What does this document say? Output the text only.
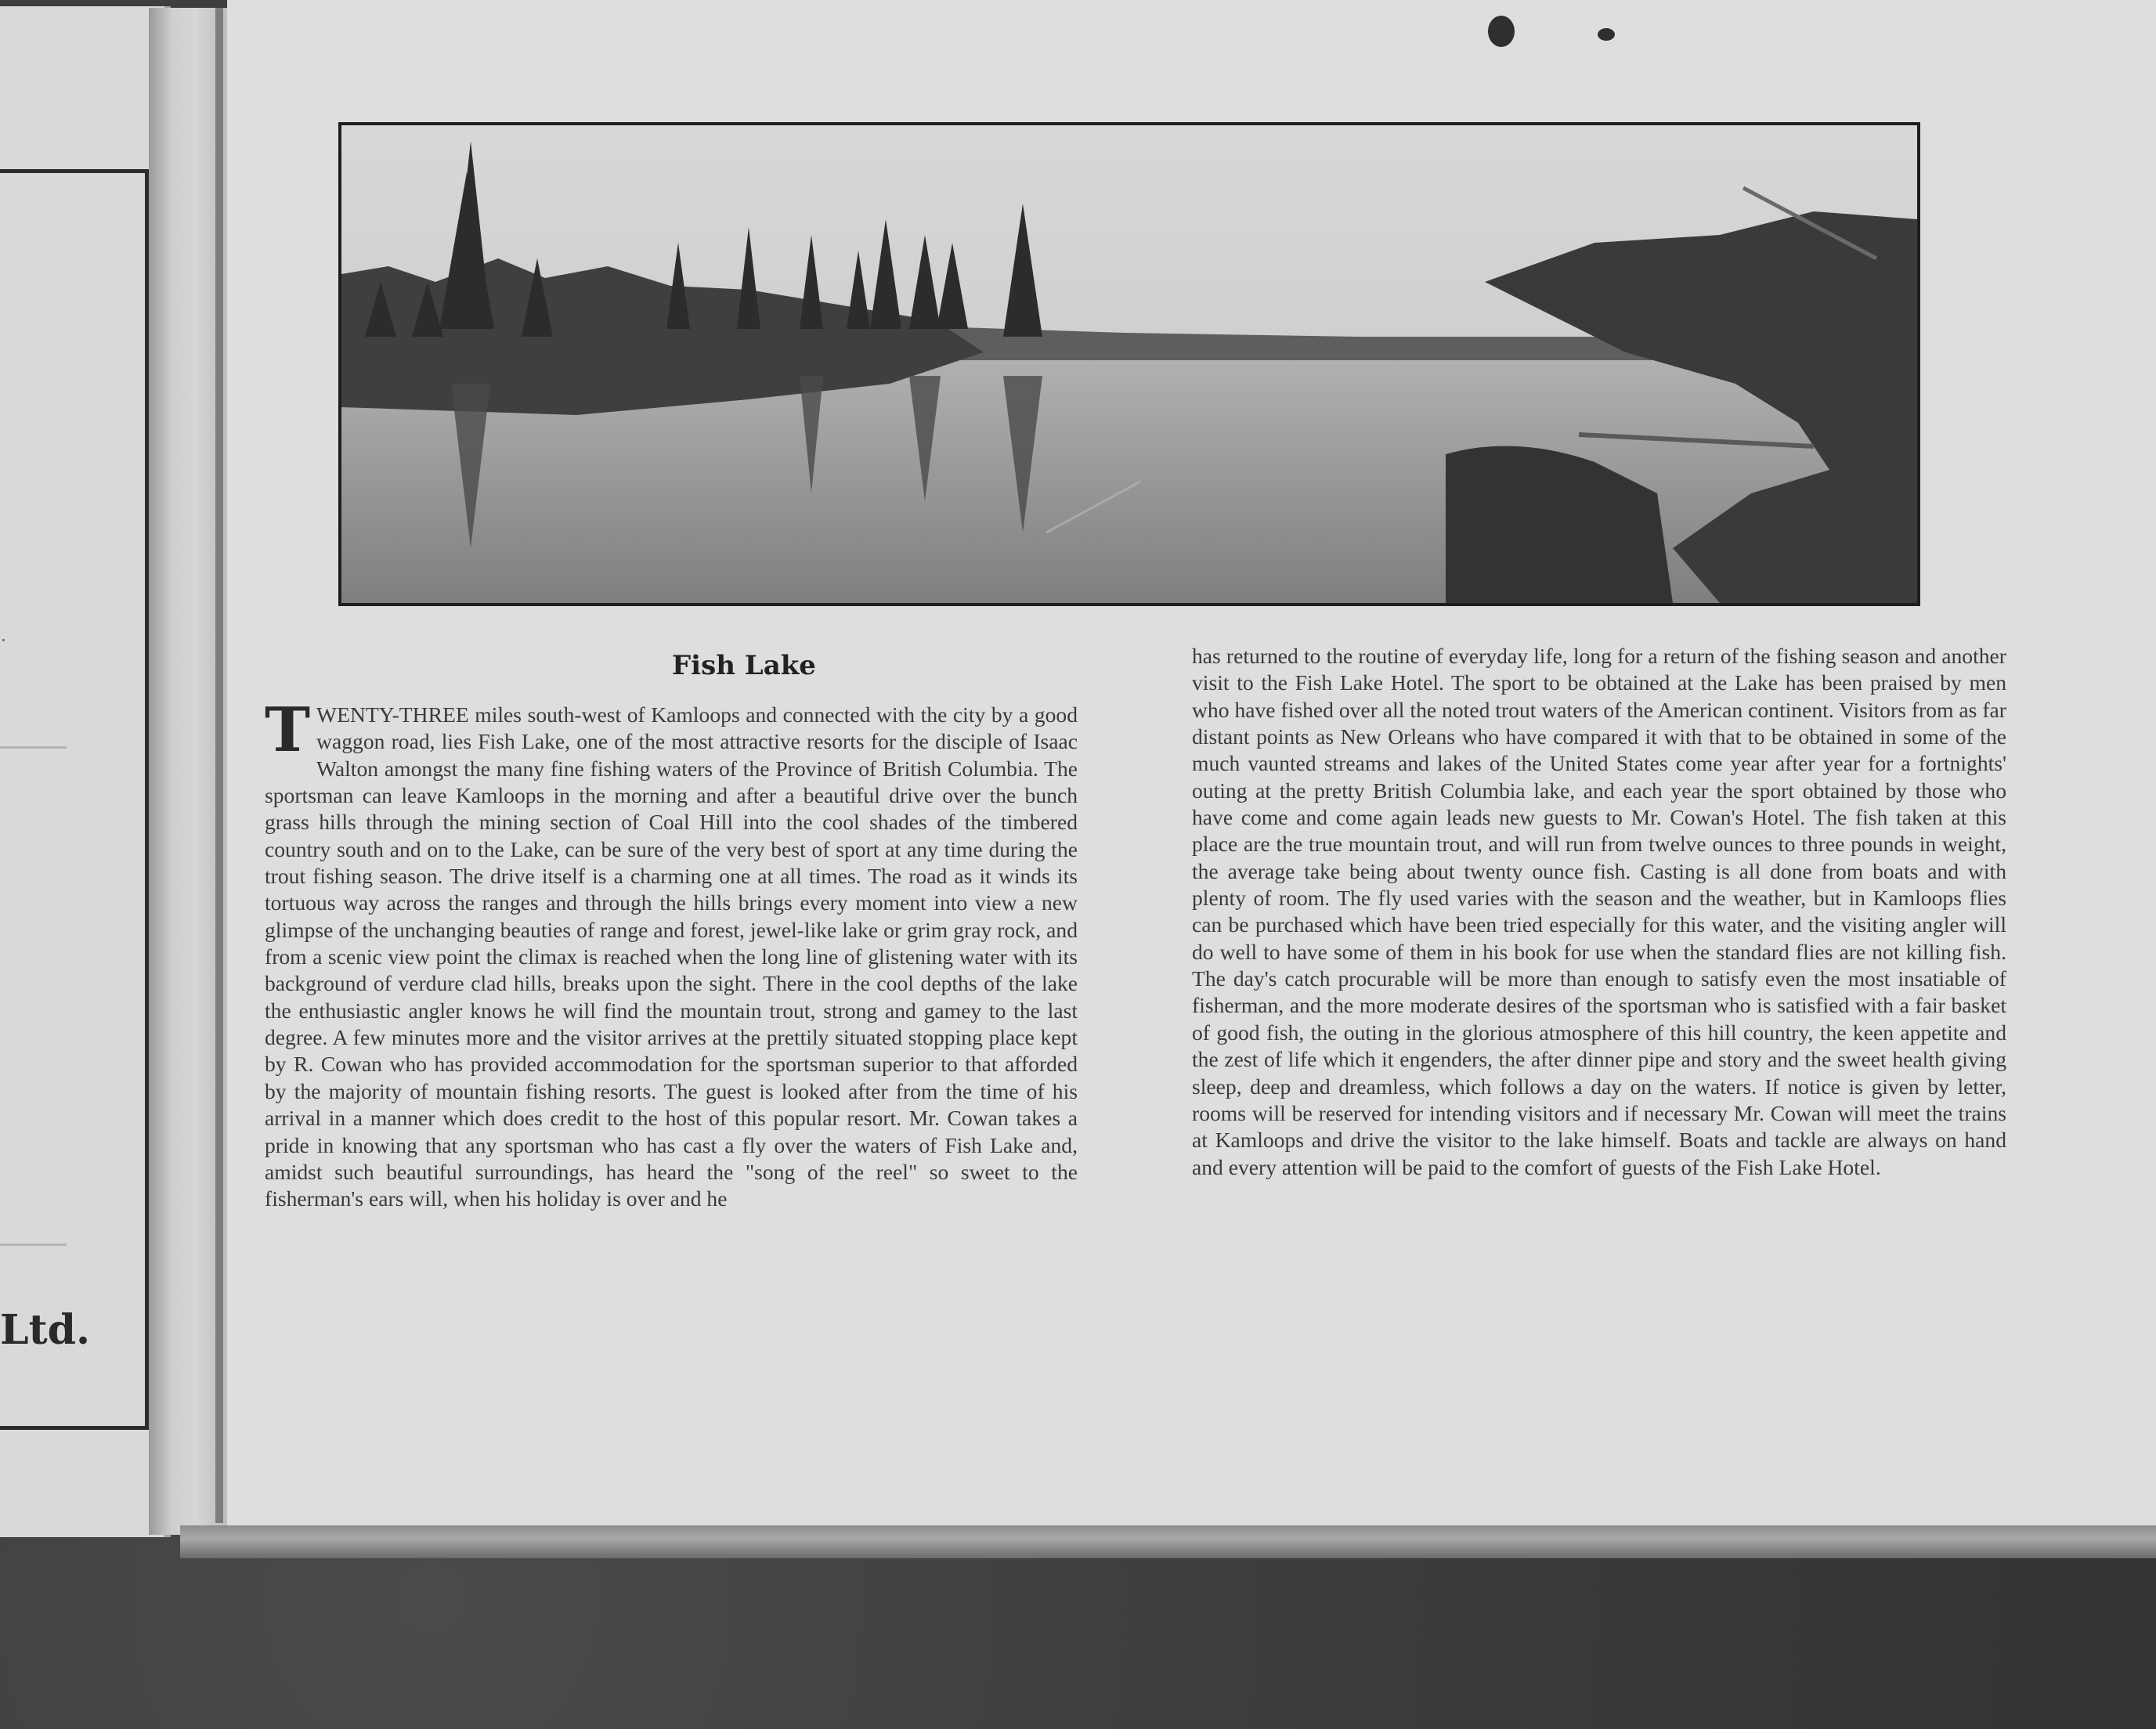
·
Ltd.
Fish Lake
TWENTY-THREE miles south-west of Kamloops and connected with the city by a good waggon road, lies Fish Lake, one of the most attractive resorts for the disciple of Isaac Walton amongst the many fine fishing waters of the Province of British Columbia. The sportsman can leave Kamloops in the morning and after a beautiful drive over the bunch grass hills through the mining section of Coal Hill into the cool shades of the timbered country south and on to the Lake, can be sure of the very best of sport at any time during the trout fishing season. The drive itself is a charming one at all times. The road as it winds its tortuous way across the ranges and through the hills brings every moment into view a new glimpse of the unchanging beauties of range and forest, jewel-like lake or grim gray rock, and from a scenic view point the climax is reached when the long line of glistening water with its background of verdure clad hills, breaks upon the sight. There in the cool depths of the lake the enthusiastic angler knows he will find the mountain trout, strong and gamey to the last degree. A few minutes more and the visitor arrives at the prettily situated stopping place kept by R. Cowan who has provided accommodation for the sportsman superior to that afforded by the majority of mountain fishing resorts. The guest is looked after from the time of his arrival in a manner which does credit to the host of this popular resort. Mr. Cowan takes a pride in knowing that any sportsman who has cast a fly over the waters of Fish Lake and, amidst such beautiful surroundings, has heard the "song of the reel" so sweet to the fisherman's ears will, when his holiday is over and he
has returned to the routine of everyday life, long for a return of the fishing season and another visit to the Fish Lake Hotel. The sport to be obtained at the Lake has been praised by men who have fished over all the noted trout waters of the American continent. Visitors from as far distant points as New Orleans who have compared it with that to be obtained in some of the much vaunted streams and lakes of the United States come year after year for a fortnights' outing at the pretty British Columbia lake, and each year the sport obtained by those who have come and come again leads new guests to Mr. Cowan's Hotel. The fish taken at this place are the true mountain trout, and will run from twelve ounces to three pounds in weight, the average take being about twenty ounce fish. Casting is all done from boats and with plenty of room. The fly used varies with the season and the weather, but in Kamloops flies can be purchased which have been tried especially for this water, and the visiting angler will do well to have some of them in his book for use when the standard flies are not killing fish. The day's catch procurable will be more than enough to satisfy even the most insatiable of fisherman, and the more moderate desires of the sportsman who is satisfied with a fair basket of good fish, the outing in the glorious atmosphere of this hill country, the keen appetite and the zest of life which it engenders, the after dinner pipe and story and the sweet health giving sleep, deep and dreamless, which follows a day on the waters. If notice is given by letter, rooms will be reserved for intending visitors and if necessary Mr. Cowan will meet the trains at Kamloops and drive the visitor to the lake himself. Boats and tackle are always on hand and every attention will be paid to the comfort of guests of the Fish Lake Hotel.
